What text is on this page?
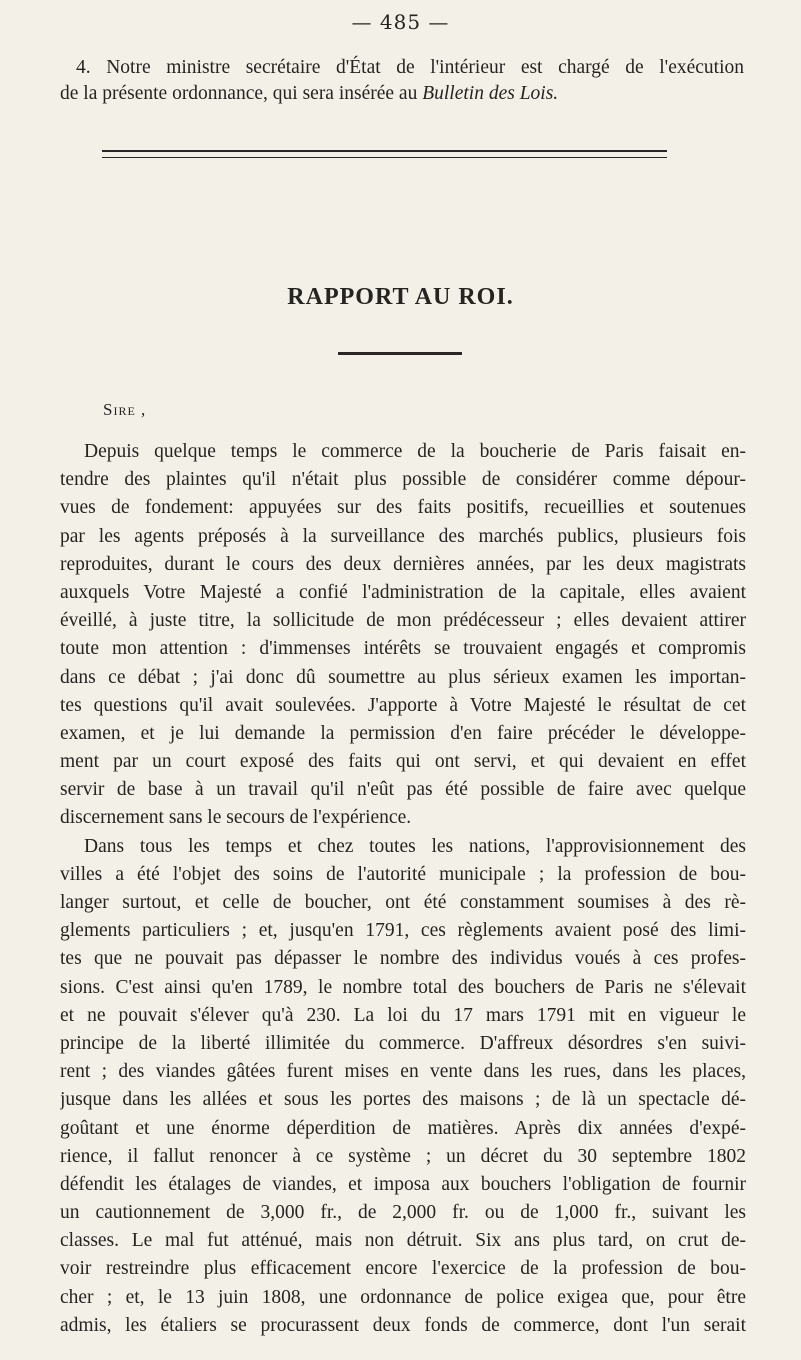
— 485 —
4. Notre ministre secrétaire d'État de l'intérieur est chargé de l'exécution
de la présente ordonnance, qui sera insérée au Bulletin des Lois.
RAPPORT AU ROI.
Sire ,
Depuis quelque temps le commerce de la boucherie de Paris faisait en-
tendre des plaintes qu'il n'était plus possible de considérer comme dépour-
vues de fondement: appuyées sur des faits positifs, recueillies et soutenues
par les agents préposés à la surveillance des marchés publics, plusieurs fois
reproduites, durant le cours des deux dernières années, par les deux magistrats
auxquels Votre Majesté a confié l'administration de la capitale, elles avaient
éveillé, à juste titre, la sollicitude de mon prédécesseur ; elles devaient attirer
toute mon attention : d'immenses intérêts se trouvaient engagés et compromis
dans ce débat ; j'ai donc dû soumettre au plus sérieux examen les importan-
tes questions qu'il avait soulevées. J'apporte à Votre Majesté le résultat de cet
examen, et je lui demande la permission d'en faire précéder le développe-
ment par un court exposé des faits qui ont servi, et qui devaient en effet
servir de base à un travail qu'il n'eût pas été possible de faire avec quelque
discernement sans le secours de l'expérience.
Dans tous les temps et chez toutes les nations, l'approvisionnement des
villes a été l'objet des soins de l'autorité municipale ; la profession de bou-
langer surtout, et celle de boucher, ont été constamment soumises à des rè-
glements particuliers ; et, jusqu'en 1791, ces règlements avaient posé des limi-
tes que ne pouvait pas dépasser le nombre des individus voués à ces profes-
sions. C'est ainsi qu'en 1789, le nombre total des bouchers de Paris ne s'élevait
et ne pouvait s'élever qu'à 230. La loi du 17 mars 1791 mit en vigueur le
principe de la liberté illimitée du commerce. D'affreux désordres s'en suivi-
rent ; des viandes gâtées furent mises en vente dans les rues, dans les places,
jusque dans les allées et sous les portes des maisons ; de là un spectacle dé-
goûtant et une énorme déperdition de matières. Après dix années d'expé-
rience, il fallut renoncer à ce système ; un décret du 30 septembre 1802
défendit les étalages de viandes, et imposa aux bouchers l'obligation de fournir
un cautionnement de 3,000 fr., de 2,000 fr. ou de 1,000 fr., suivant les
classes. Le mal fut atténué, mais non détruit. Six ans plus tard, on crut de-
voir restreindre plus efficacement encore l'exercice de la profession de bou-
cher ; et, le 13 juin 1808, une ordonnance de police exigea que, pour être
admis, les étaliers se procurassent deux fonds de commerce, dont l'un serait
